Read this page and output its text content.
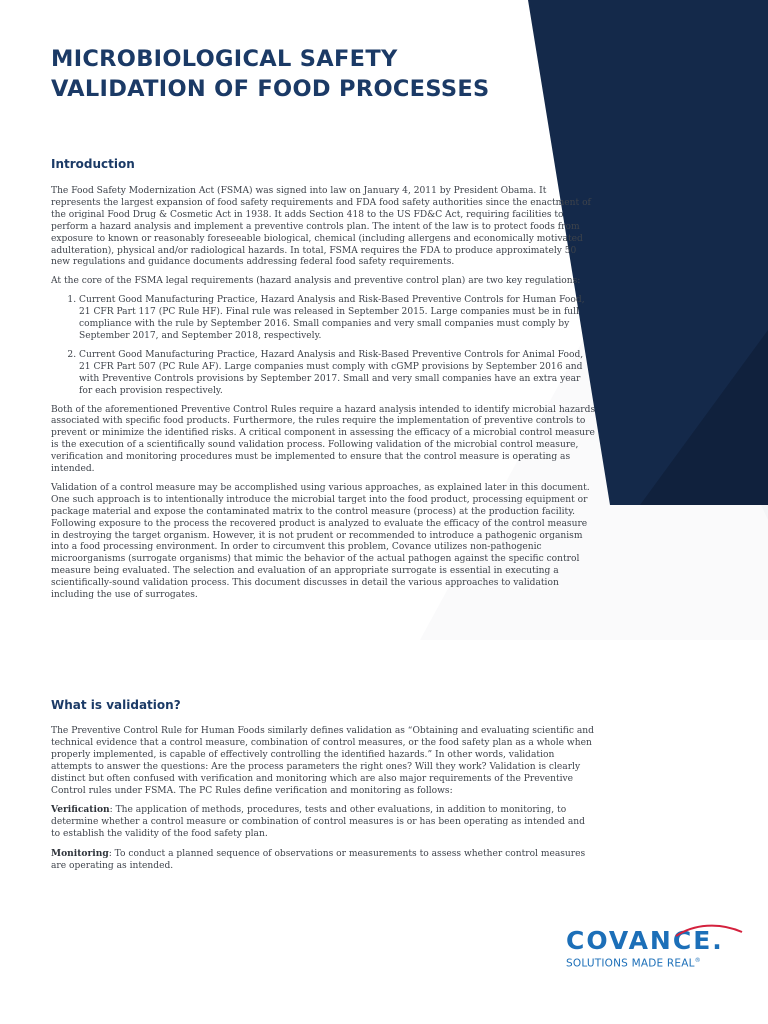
MICROBIOLOGICAL SAFETY
VALIDATION OF FOOD PROCESSES
Introduction

The Food Safety Modernization Act (FSMA) was signed into law on January 4, 2011 by President Obama. It represents the largest expansion of food safety requirements and FDA food safety authorities since the enactment of the original Food Drug & Cosmetic Act in 1938. It adds Section 418 to the US FD&C Act, requiring facilities to perform a hazard analysis and implement a preventive controls plan. The intent of the law is to protect foods from exposure to known or reasonably foreseeable biological, chemical (including allergens and economically motivated adulteration), physical and/or radiological hazards. In total, FSMA requires the FDA to produce approximately 50 new regulations and guidance documents addressing federal food safety requirements.

At the core of the FSMA legal requirements (hazard analysis and preventive control plan) are two key regulations:

1. Current Good Manufacturing Practice, Hazard Analysis and Risk-Based Preventive Controls for Human Food, 21 CFR Part 117 (PC Rule HF). Final rule was released in September 2015. Large companies must be in full compliance with the rule by September 2016. Small companies and very small companies must comply by September 2017, and September 2018, respectively.
2. Current Good Manufacturing Practice, Hazard Analysis and Risk-Based Preventive Controls for Animal Food, 21 CFR Part 507 (PC Rule AF). Large companies must comply with cGMP provisions by September 2016 and with Preventive Controls provisions by September 2017. Small and very small companies have an extra year for each provision respectively.

Both of the aforementioned Preventive Control Rules require a hazard analysis intended to identify microbial hazards associated with specific food products. Furthermore, the rules require the implementation of preventive controls to prevent or minimize the identified risks. A critical component in assessing the efficacy of a microbial control measure is the execution of a scientifically sound validation process. Following validation of the microbial control measure, verification and monitoring procedures must be implemented to ensure that the control measure is operating as intended.

Validation of a control measure may be accomplished using various approaches, as explained later in this document. One such approach is to intentionally introduce the microbial target into the food product, processing equipment or package material and expose the contaminated matrix to the control measure (process) at the production facility. Following exposure to the process the recovered product is analyzed to evaluate the efficacy of the control measure in destroying the target organism. However, it is not prudent or recommended to introduce a pathogenic organism into a food processing environment. In order to circumvent this problem, Covance utilizes non-pathogenic microorganisms (surrogate organisms) that mimic the behavior of the actual pathogen against the specific control measure being evaluated. The selection and evaluation of an appropriate surrogate is essential in executing a scientifically-sound validation process. This document discusses in detail the various approaches to validation including the use of surrogates.

What is validation?

The Preventive Control Rule for Human Foods similarly defines validation as “Obtaining and evaluating scientific and technical evidence that a control measure, combination of control measures, or the food safety plan as a whole when properly implemented, is capable of effectively controlling the identified hazards.” In other words, validation attempts to answer the questions: Are the process parameters the right ones? Will they work? Validation is clearly distinct but often confused with verification and monitoring which are also major requirements of the Preventive Control rules under FSMA. The PC Rules define verification and monitoring as follows:

Verification: The application of methods, procedures, tests and other evaluations, in addition to monitoring, to determine whether a control measure or combination of control measures is or has been operating as intended and to establish the validity of the food safety plan.

Monitoring: To conduct a planned sequence of observations or measurements to assess whether control measures are operating as intended.

COVANCE.
SOLUTIONS MADE REAL®
